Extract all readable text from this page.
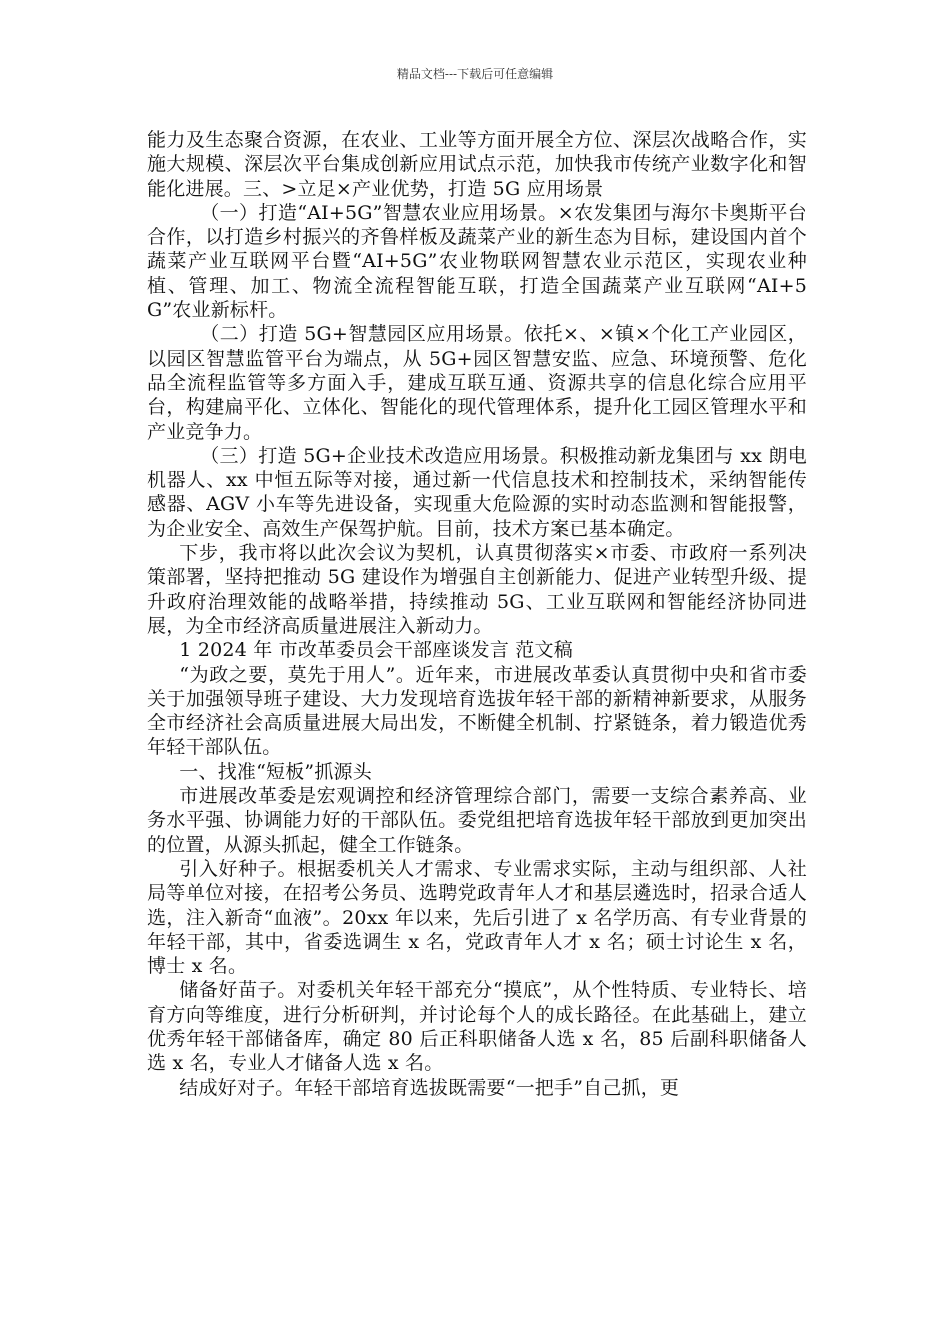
精品文档---下载后可任意编辑

能力及生态聚合资源，在农业、工业等方面开展全方位、深层次战略合作，实施大规模、深层次平台集成创新应用试点示范，加快我市传统产业数字化和智能化进展。三、>立足×产业优势，打造 5G 应用场景

（一）打造“AI+5G”智慧农业应用场景。×农发集团与海尔卡奥斯平台合作，以打造乡村振兴的齐鲁样板及蔬菜产业的新生态为目标，建设国内首个蔬菜产业互联网平台暨“AI+5G”农业物联网智慧农业示范区，实现农业种植、管理、加工、物流全流程智能互联，打造全国蔬菜产业互联网“AI+5G”农业新标杆。

（二）打造 5G+智慧园区应用场景。依托×、×镇×个化工产业园区，以园区智慧监管平台为端点，从 5G+园区智慧安监、应急、环境预警、危化品全流程监管等多方面入手，建成互联互通、资源共享的信息化综合应用平台，构建扁平化、立体化、智能化的现代管理体系，提升化工园区管理水平和产业竞争力。

（三）打造 5G+企业技术改造应用场景。积极推动新龙集团与 xx 朗电机器人、xx 中恒五际等对接，通过新一代信息技术和控制技术，采纳智能传感器、AGV 小车等先进设备，实现重大危险源的实时动态监测和智能报警，为企业安全、高效生产保驾护航。目前，技术方案已基本确定。

下步，我市将以此次会议为契机，认真贯彻落实×市委、市政府一系列决策部署，坚持把推动 5G 建设作为增强自主创新能力、促进产业转型升级、提升政府治理效能的战略举措，持续推动 5G、工业互联网和智能经济协同进展，为全市经济高质量进展注入新动力。

1 2024 年 市改革委员会干部座谈发言 范文稿

“为政之要，莫先于用人”。近年来，市进展改革委认真贯彻中央和省市委关于加强领导班子建设、大力发现培育选拔年轻干部的新精神新要求，从服务全市经济社会高质量进展大局出发，不断健全机制、拧紧链条，着力锻造优秀年轻干部队伍。

一、找准“短板”抓源头

市进展改革委是宏观调控和经济管理综合部门，需要一支综合素养高、业务水平强、协调能力好的干部队伍。委党组把培育选拔年轻干部放到更加突出的位置，从源头抓起，健全工作链条。

引入好种子。根据委机关人才需求、专业需求实际，主动与组织部、人社局等单位对接，在招考公务员、选聘党政青年人才和基层遴选时，招录合适人选，注入新奇“血液”。20xx 年以来，先后引进了 x 名学历高、有专业背景的年轻干部，其中，省委选调生 x 名，党政青年人才 x 名；硕士讨论生 x 名，博士 x 名。

储备好苗子。对委机关年轻干部充分“摸底”，从个性特质、专业特长、培育方向等维度，进行分析研判，并讨论每个人的成长路径。在此基础上，建立优秀年轻干部储备库，确定 80 后正科职储备人选 x 名，85 后副科职储备人选 x 名，专业人才储备人选 x 名。

结成好对子。年轻干部培育选拔既需要“一把手”自己抓，更
